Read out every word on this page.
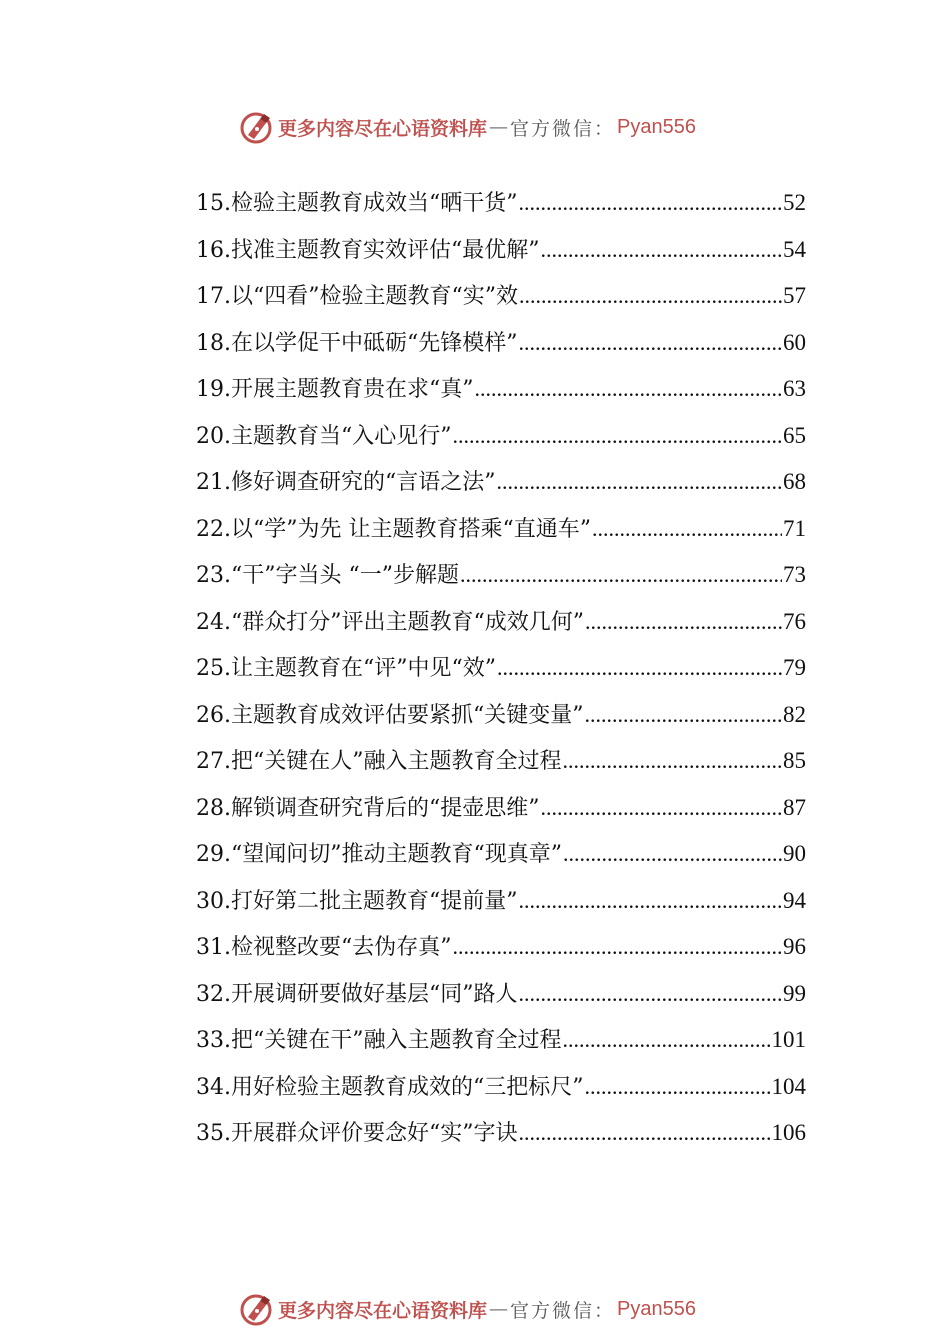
更多内容尽在心语资料库 — 官方微信： Pyan556
15.检验主题教育成效当“晒干货” .....	52
16.找准主题教育实效评估“最优解” .....	54
17.以“四看”检验主题教育“实”效 .....	57
18.在以学促干中砥砺“先锋模样” .....	60
19.开展主题教育贵在求“真” .....	63
20.主题教育当“入心见行” .....	65
21.修好调查研究的“言语之法” .....	68
22.以“学”为先 让主题教育搭乘“直通车” .....	71
23.“干”字当头 “一”步解题 .....	73
24.“群众打分”评出主题教育“成效几何” .....	76
25.让主题教育在“评”中见“效” .....	79
26.主题教育成效评估要紧抓“关键变量” .....	82
27.把“关键在人”融入主题教育全过程 .....	85
28.解锁调查研究背后的“提壶思维” .....	87
29.“望闻问切”推动主题教育“现真章” .....	90
30.打好第二批主题教育“提前量” .....	94
31.检视整改要“去伪存真” .....	96
32.开展调研要做好基层“同”路人 .....	99
33.把“关键在干”融入主题教育全过程 .....	101
34.用好检验主题教育成效的“三把标尺” .....	104
35.开展群众评价要念好“实”字诀 .....	106
更多内容尽在心语资料库 — 官方微信： Pyan556
